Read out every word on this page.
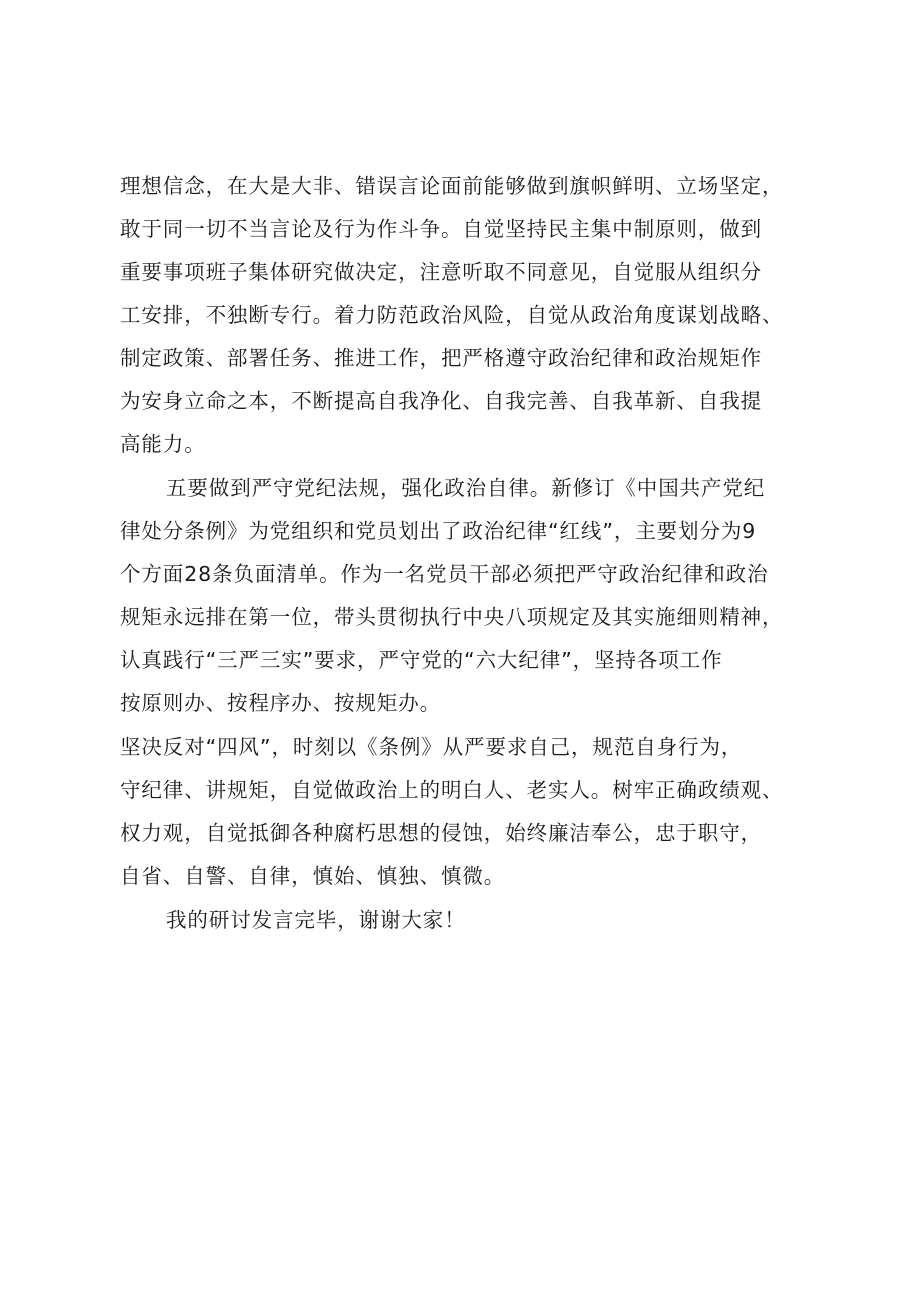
理想信念，在大是大非、错误言论面前能够做到旗帜鲜明、立场坚定，
敢于同一切不当言论及行为作斗争。自觉坚持民主集中制原则，做到
重要事项班子集体研究做决定，注意听取不同意见，自觉服从组织分
工安排，不独断专行。着力防范政治风险，自觉从政治角度谋划战略、
制定政策、部署任务、推进工作，把严格遵守政治纪律和政治规矩作
为安身立命之本，不断提高自我净化、自我完善、自我革新、自我提
高能力。
五要做到严守党纪法规，强化政治自律。新修订《中国共产党纪
律处分条例》为党组织和党员划出了政治纪律“红线”，主要划分为9
个方面28条负面清单。作为一名党员干部必须把严守政治纪律和政治
规矩永远排在第一位，带头贯彻执行中央八项规定及其实施细则精神，
认真践行“三严三实”要求，严守党的“六大纪律”，坚持各项工作
按原则办、按程序办、按规矩办。
坚决反对“四风”，时刻以《条例》从严要求自己，规范自身行为，
守纪律、讲规矩，自觉做政治上的明白人、老实人。树牢正确政绩观、
权力观，自觉抵御各种腐朽思想的侵蚀，始终廉洁奉公，忠于职守，
自省、自警、自律，慎始、慎独、慎微。
我的研讨发言完毕，谢谢大家！
